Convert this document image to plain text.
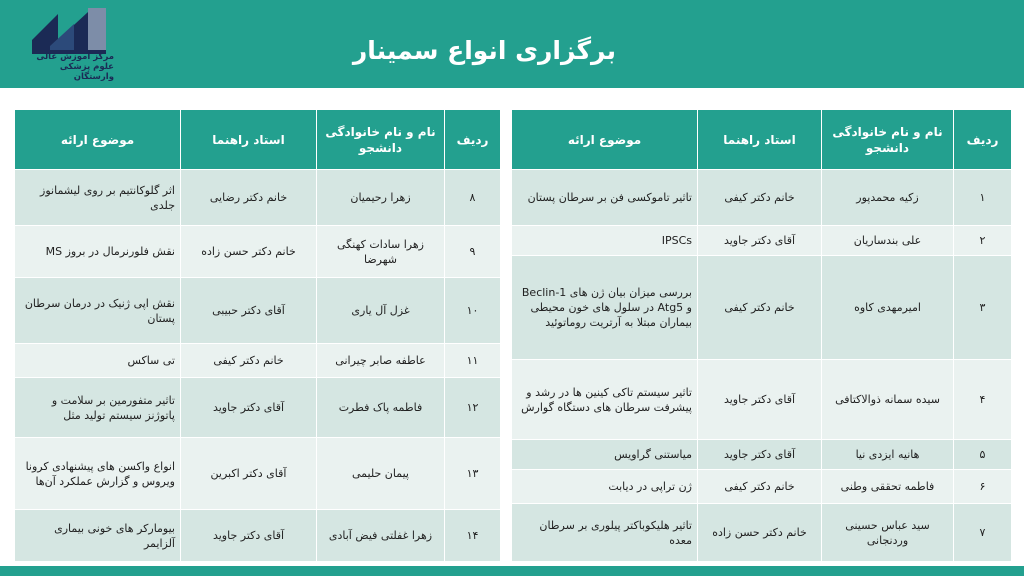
مرکز آموزش عالی
علوم پزشکی
وارستگان
برگزاری انواع سمینار
ردیف	نام و نام خانوادگی دانشجو	استاد راهنما	موضوع ارائه
۱	زکیه محمدپور	خانم دکتر کیفی	تاثیر تاموکسی فن بر سرطان پستان
۲	علی بندساریان	آقای دکتر جاوید	IPSCs
۳	امیرمهدی کاوه	خانم دکتر کیفی	بررسی میزان بیان ژن های Beclin-1 و Atg5 در سلول های خون محیطی بیماران مبتلا به آرتریت روماتوئید
۴	سیده سمانه ذوالاکتافی	آقای دکتر جاوید	تاثیر سیستم تاکی کینین ها در رشد و پیشرفت سرطان های دستگاه گوارش
۵	هانیه ایزدی نیا	آقای دکتر جاوید	میاستنی گراویس
۶	فاطمه تحققی وطنی	خانم دکتر کیفی	ژن تراپی در دیابت
۷	سید عباس حسینی وردنجانی	خانم دکتر حسن زاده	تاثیر هلیکوباکتر پیلوری بر سرطان معده
ردیف	نام و نام خانوادگی دانشجو	استاد راهنما	موضوع ارائه
۸	زهرا رحیمیان	خانم دکتر رضایی	اثر گلوکانتیم بر روی لیشمانوز جلدی
۹	زهرا سادات کهنگی شهرضا	خانم دکتر حسن زاده	نقش فلورنرمال در بروز MS
۱۰	غزل آل یاری	آقای دکتر حبیبی	نقش اپی ژنیک در درمان سرطان پستان
۱۱	عاطفه صابر چیرانی	خانم دکتر کیفی	تی ساکس
۱۲	فاطمه پاک فطرت	آقای دکتر جاوید	تاثیر متفورمین بر سلامت و پاتوژنز سیستم تولید مثل
۱۳	پیمان حلیمی	آقای دکتر اکبرین	انواع واکسن های پیشنهادی کرونا ویروس و گزارش عملکرد آن‌ها
۱۴	زهرا غفلتی فیض آبادی	آقای دکتر جاوید	بیومارکر های خونی بیماری آلزایمر
